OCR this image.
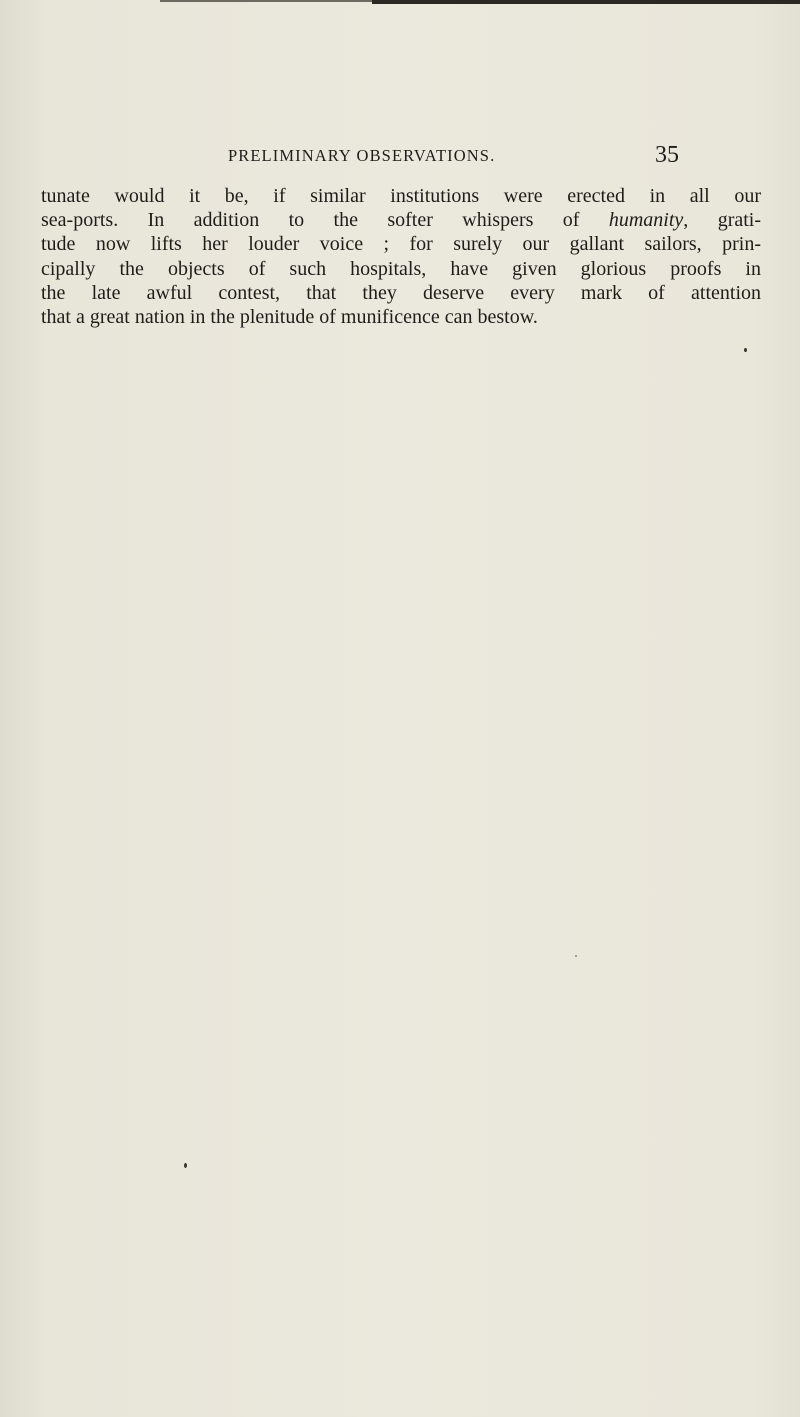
PRELIMINARY OBSERVATIONS.	35
tunate would it be, if similar institutions were erected in all our
sea-ports. In addition to the softer whispers of humanity, grati-
tude now lifts her louder voice ; for surely our gallant sailors, prin-
cipally the objects of such hospitals, have given glorious proofs in
the late awful contest, that they deserve every mark of attention
that a great nation in the plenitude of munificence can bestow.
